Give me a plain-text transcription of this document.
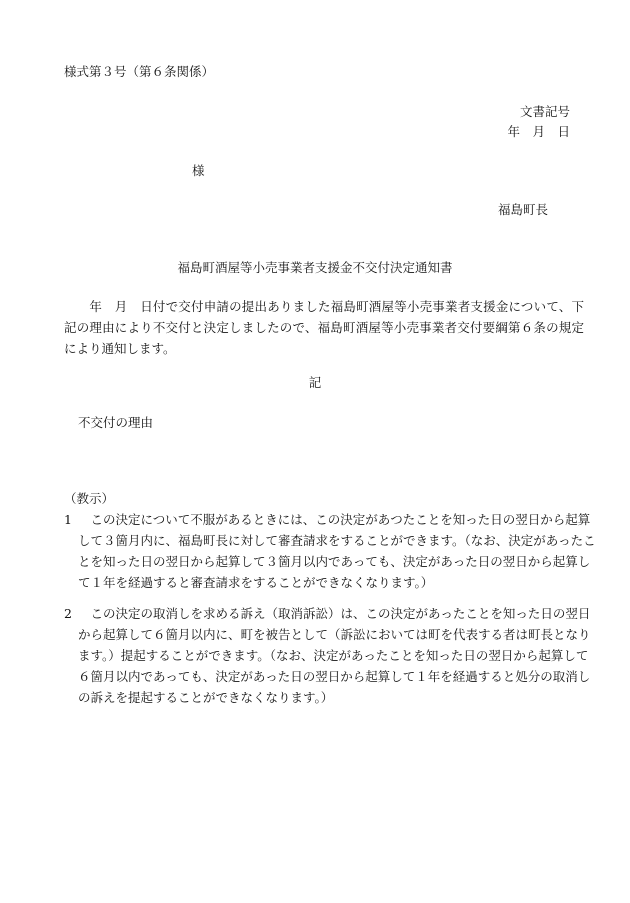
様式第３号（第６条関係）
文書記号
年　月　日
様
福島町長
福島町酒屋等小売事業者支援金不交付決定通知書
　　年　月　日付で交付申請の提出ありました福島町酒屋等小売事業者支援金について、下記の理由により不交付と決定しましたので、福島町酒屋等小売事業者交付要綱第６条の規定により通知します。
記
不交付の理由
（教示）
1　この決定について不服があるときには、この決定があつたことを知った日の翌日から起算して３箇月内に、福島町長に対して審査請求をすることができます。（なお、決定があったことを知った日の翌日から起算して３箇月以内であっても、決定があった日の翌日から起算して１年を経過すると審査請求をすることができなくなります。）
2　この決定の取消しを求める訴え（取消訴訟）は、この決定があったことを知った日の翌日から起算して６箇月以内に、町を被告として（訴訟においては町を代表する者は町長となります。）提起することができます。（なお、決定があったことを知った日の翌日から起算して６箇月以内であっても、決定があった日の翌日から起算して１年を経過すると処分の取消しの訴えを提起することができなくなります。）
